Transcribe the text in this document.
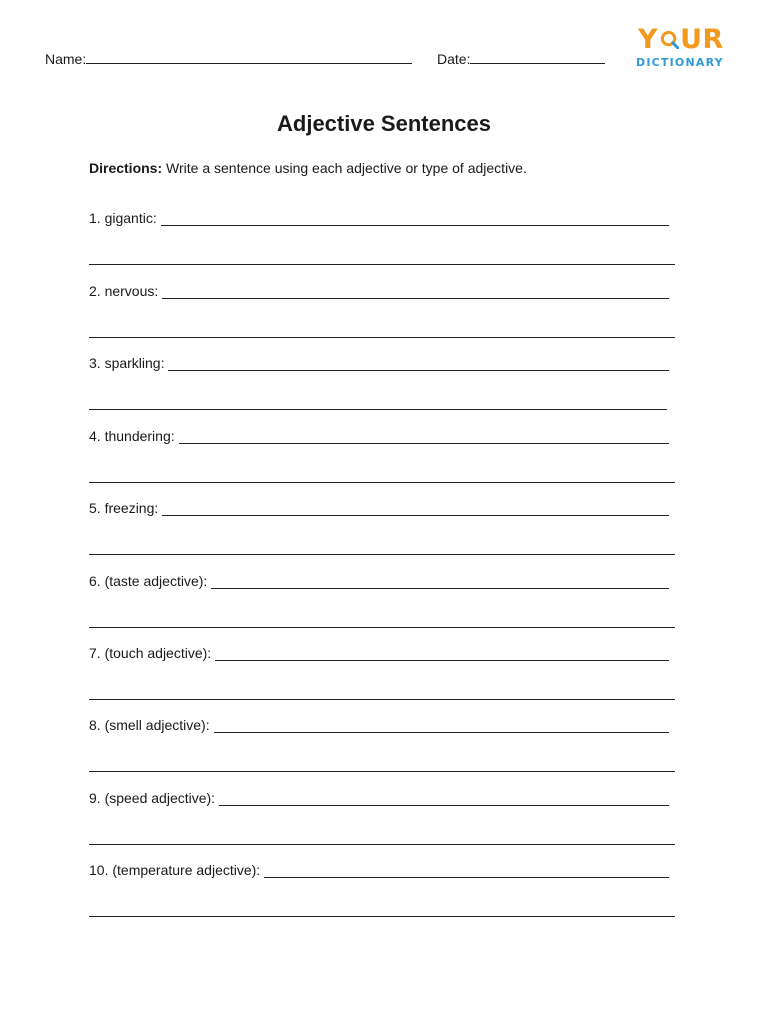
Name:	Date:
Y UR
DICTIONARY
Adjective Sentences
Directions: Write a sentence using each adjective or type of adjective.
1. gigantic:
2. nervous:
3. sparkling:
4. thundering:
5. freezing:
6. (taste adjective):
7. (touch adjective):
8. (smell adjective):
9. (speed adjective):
10. (temperature adjective):
